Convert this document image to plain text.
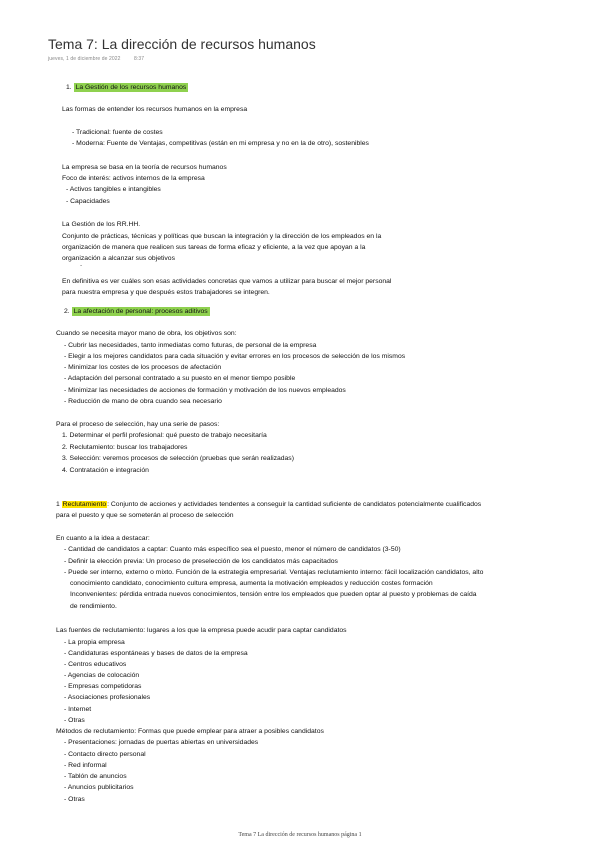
Tema 7: La dirección de recursos humanos
jueves, 1 de diciembre de 2022	8:37
1. La Gestión de los recursos humanos
Las formas de entender los recursos humanos en la empresa
- Tradicional: fuente de costes
- Moderna: Fuente de Ventajas, competitivas (están en mi empresa y no en la de otro), sostenibles
La empresa se basa en la teoría de recursos humanos
Foco de interés: activos internos de la empresa
- Activos tangibles e intangibles
- Capacidades
La Gestión de los RR.HH.
Conjunto de prácticas, técnicas y políticas que buscan la integración y la dirección de los empleados en la
organización de manera que realicen sus tareas de forma eficaz y eficiente, a la vez que apoyan a la
organización a alcanzar sus objetivos
`
En definitiva es ver cuáles son esas actividades concretas que vamos a utilizar para buscar el mejor personal
para nuestra empresa y que después estos trabajadores se integren.
2. La afectación de personal: procesos aditivos
Cuando se necesita mayor mano de obra, los objetivos son:
- Cubrir las necesidades, tanto inmediatas como futuras, de personal de la empresa
- Elegir a los mejores candidatos para cada situación y evitar errores en los procesos de selección de los mismos
- Minimizar los costes de los procesos de afectación
- Adaptación del personal contratado a su puesto en el menor tiempo posible
- Minimizar las necesidades de acciones de formación y motivación de los nuevos empleados
- Reducción de mano de obra cuando sea necesario
Para el proceso de selección, hay una serie de pasos:
1. Determinar el perfil profesional: qué puesto de trabajo necesitaría
2. Reclutamiento: buscar los trabajadores
3. Selección: veremos procesos de selección (pruebas que serán realizadas)
4. Contratación e integración
1 Reclutamiento: Conjunto de acciones y actividades tendentes a conseguir la cantidad suficiente de candidatos potencialmente cualificados
para el puesto y que se someterán al proceso de selección
En cuanto a la idea a destacar:
- Cantidad de candidatos a captar: Cuanto más específico sea el puesto, menor el número de candidatos (3-50)
- Definir la elección previa: Un proceso de preselección de los candidatos más capacitados
- Puede ser interno, externo o mixto. Función de la estrategia empresarial. Ventajas reclutamiento interno: fácil localización candidatos, alto
conocimiento candidato, conocimiento cultura empresa, aumenta la motivación empleados y reducción costes formación
Inconvenientes: pérdida entrada nuevos conocimientos, tensión entre los empleados que pueden optar al puesto y problemas de caída
de rendimiento.
Las fuentes de reclutamiento: lugares a los que la empresa puede acudir para captar candidatos
- La propia empresa
- Candidaturas espontáneas y bases de datos de la empresa
- Centros educativos
- Agencias de colocación
- Empresas competidoras
- Asociaciones profesionales
- Internet
- Otras
Métodos de reclutamiento: Formas que puede emplear para atraer a posibles candidatos
- Presentaciones: jornadas de puertas abiertas en universidades
- Contacto directo personal
- Red informal
- Tablón de anuncios
- Anuncios publicitarios
- Otras
Tema 7 La dirección de recursos humanos página 1
